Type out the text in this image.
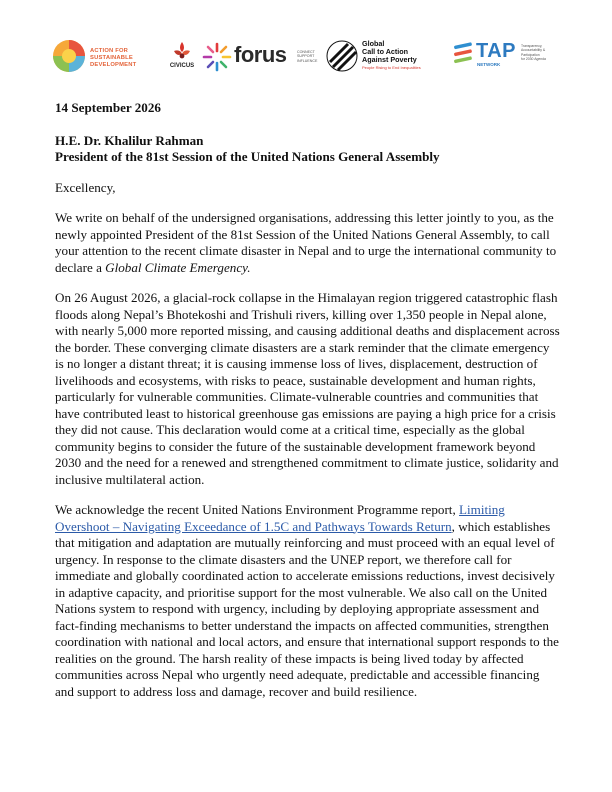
ACTION FOR SUSTAINABLE
DEVELOPMENT	CIVICUS forus	CONNECT
SUPPORT
INFLUENCE
Global
Call to Action
Against Poverty
People Rising to End Inequalities
TAP
NETWORK
Transparency,
Accountability &
Participation
for 2030 Agenda

14 September 2026

H.E. Dr. Khalilur Rahman
President of the 81st Session of the United Nations General Assembly

Excellency,

We write on behalf of the undersigned organisations, addressing this letter jointly to you, as the newly appointed President of the 81st Session of the United Nations General Assembly, to call your attention to the recent climate disaster in Nepal and to urge the international community to declare a Global Climate Emergency.

On 26 August 2026, a glacial-rock collapse in the Himalayan region triggered catastrophic flash floods along Nepal’s Bhotekoshi and Trishuli rivers, killing over 1,350 people in Nepal alone, with nearly 5,000 more reported missing, and causing additional deaths and displacement across the border. These converging climate disasters are a stark reminder that the climate emergency is no longer a distant threat; it is causing immense loss of lives, displacement, destruction of livelihoods and ecosystems, with risks to peace, sustainable development and human rights, particularly for vulnerable communities. Climate-vulnerable countries and communities that have contributed least to historical greenhouse gas emissions are paying a high price for a crisis they did not cause. This declaration would come at a critical time, especially as the global community begins to consider the future of the sustainable development framework beyond 2030 and the need for a renewed and strengthened commitment to climate justice, solidarity and inclusive multilateral action.

We acknowledge the recent United Nations Environment Programme report, Limiting Overshoot – Navigating Exceedance of 1.5C and Pathways Towards Return, which establishes that mitigation and adaptation are mutually reinforcing and must proceed with an equal level of urgency. In response to the climate disasters and the UNEP report, we therefore call for immediate and globally coordinated action to accelerate emissions reductions, invest decisively in adaptive capacity, and prioritise support for the most vulnerable. We also call on the United Nations system to respond with urgency, including by deploying appropriate assessment and fact-finding mechanisms to better understand the impacts on affected communities, strengthen coordination with national and local actors, and ensure that international support responds to the realities on the ground. The harsh reality of these impacts is being lived today by affected communities across Nepal who urgently need adequate, predictable and accessible financing and support to address loss and damage, recover and build resilience.
